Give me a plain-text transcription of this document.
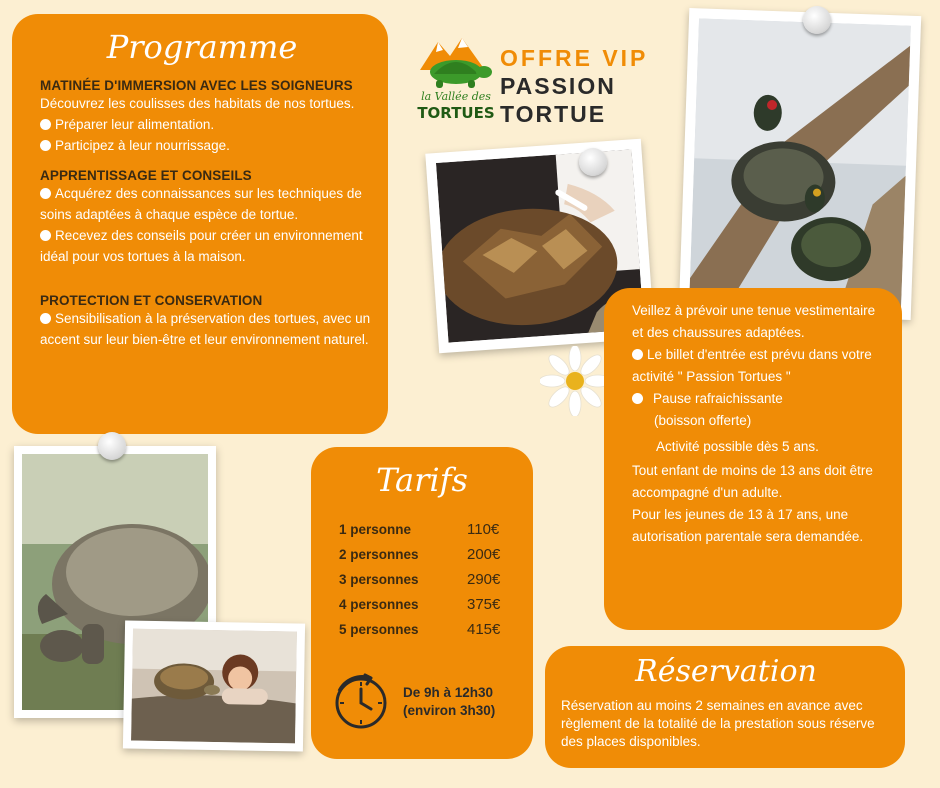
Programme
MATINÉE D'IMMERSION AVEC LES SOIGNEURS
Découvrez les coulisses des habitats de nos tortues.
Préparer leur alimentation.
Participez à leur nourrissage.
APPRENTISSAGE ET CONSEILS
Acquérez des connaissances sur les techniques de soins adaptées à chaque espèce de tortue.
Recevez des conseils pour créer un environnement idéal pour vos tortues à la maison.
PROTECTION ET CONSERVATION
Sensibilisation à la préservation des tortues, avec un accent sur leur bien-être et leur environnement naturel.
la Vallée des
TORTUES
OFFRE VIP
PASSION
TORTUE
Veillez à prévoir une tenue vestimentaire et des chaussures adaptées.
Le billet d'entrée est prévu dans votre activité " Passion Tortues "
Pause rafraichissante
(boisson offerte)
Activité possible dès 5 ans.
Tout enfant de moins de 13 ans doit être accompagné d'un adulte.
Pour les jeunes de 13 à 17 ans, une autorisation parentale sera demandée.
Tarifs
1 personne	110€
2 personnes	200€
3 personnes	290€
4 personnes	375€
5 personnes	415€
De 9h à 12h30
(environ 3h30)
Réservation
Réservation au moins 2 semaines en avance avec règlement de la totalité de la prestation sous réserve des places disponibles.
